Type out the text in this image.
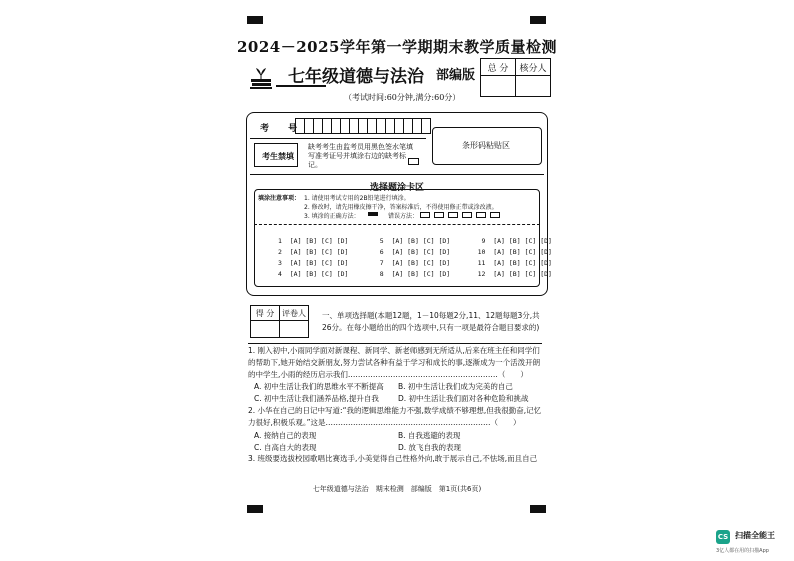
2024－2025学年第一学期期末教学质量检测
七年级道德与法治 部编版 总 分	核分人

（考试时间:60分钟,满分:60分）
考 号
考生禁填
缺考考生由监考员用黑色签水笔填写准考证号并填涂右边的缺考标记。
条形码粘贴区
选择题涂卡区
填涂注意事项： 1. 请使用考试专用的2B铅笔进行填涂。
2. 修改时，请先用橡皮擦干净，答案标准后，不得使用修正带或涂改液。
3. 填涂的正确方法：	错误方法：
1  [A] [B] [C] [D]        5  [A] [B] [C] [D]        9  [A] [B] [C] [D]
2  [A] [B] [C] [D]        6  [A] [B] [C] [D]       10  [A] [B] [C] [D]
3  [A] [B] [C] [D]        7  [A] [B] [C] [D]       11  [A] [B] [C] [D]
4  [A] [B] [C] [D]        8  [A] [B] [C] [D]       12  [A] [B] [C] [D]
得 分	评卷人
	一、单项选择题(本题12题，1－10每题2分,11、12题每题3分,共26分。在每小题给出的四个选项中,只有一项是最符合题目要求的)
1. 刚入初中,小雨同学面对新课程、新同学、新老师感到无所适从,后来在班主任和同学们的帮助下,她开始结交新朋友,努力尝试各种有益于学习和成长的事,逐渐成为一个活泼开朗的中学生,小雨的经历启示我们……………………………………………………（　　）
A. 初中生活让我们的思维水平不断提高 B. 初中生活让我们成为完美的自己
C. 初中生活让我们涵养品格,提升自我	D. 初中生活让我们面对各种危险和挑战
2. 小华在自己的日记中写道:“我的逻辑思维能力不强,数学成绩不够理想,但我很勤奋,记忆力很好,积极乐观。”这是…………………………………………………………（　　）
A. 接纳自己的表现	B. 自我逃避的表现
C. 自高自大的表现	D. 放飞自我的表现
3. 班级要选拔校园歌唱比赛选手,小美觉得自己性格外向,敢于展示自己,不怯场,而且自己
七年级道德与法治　期末检测　部编版　第1页(共6页)
CS 扫描全能王
3亿人都在用的扫描App
